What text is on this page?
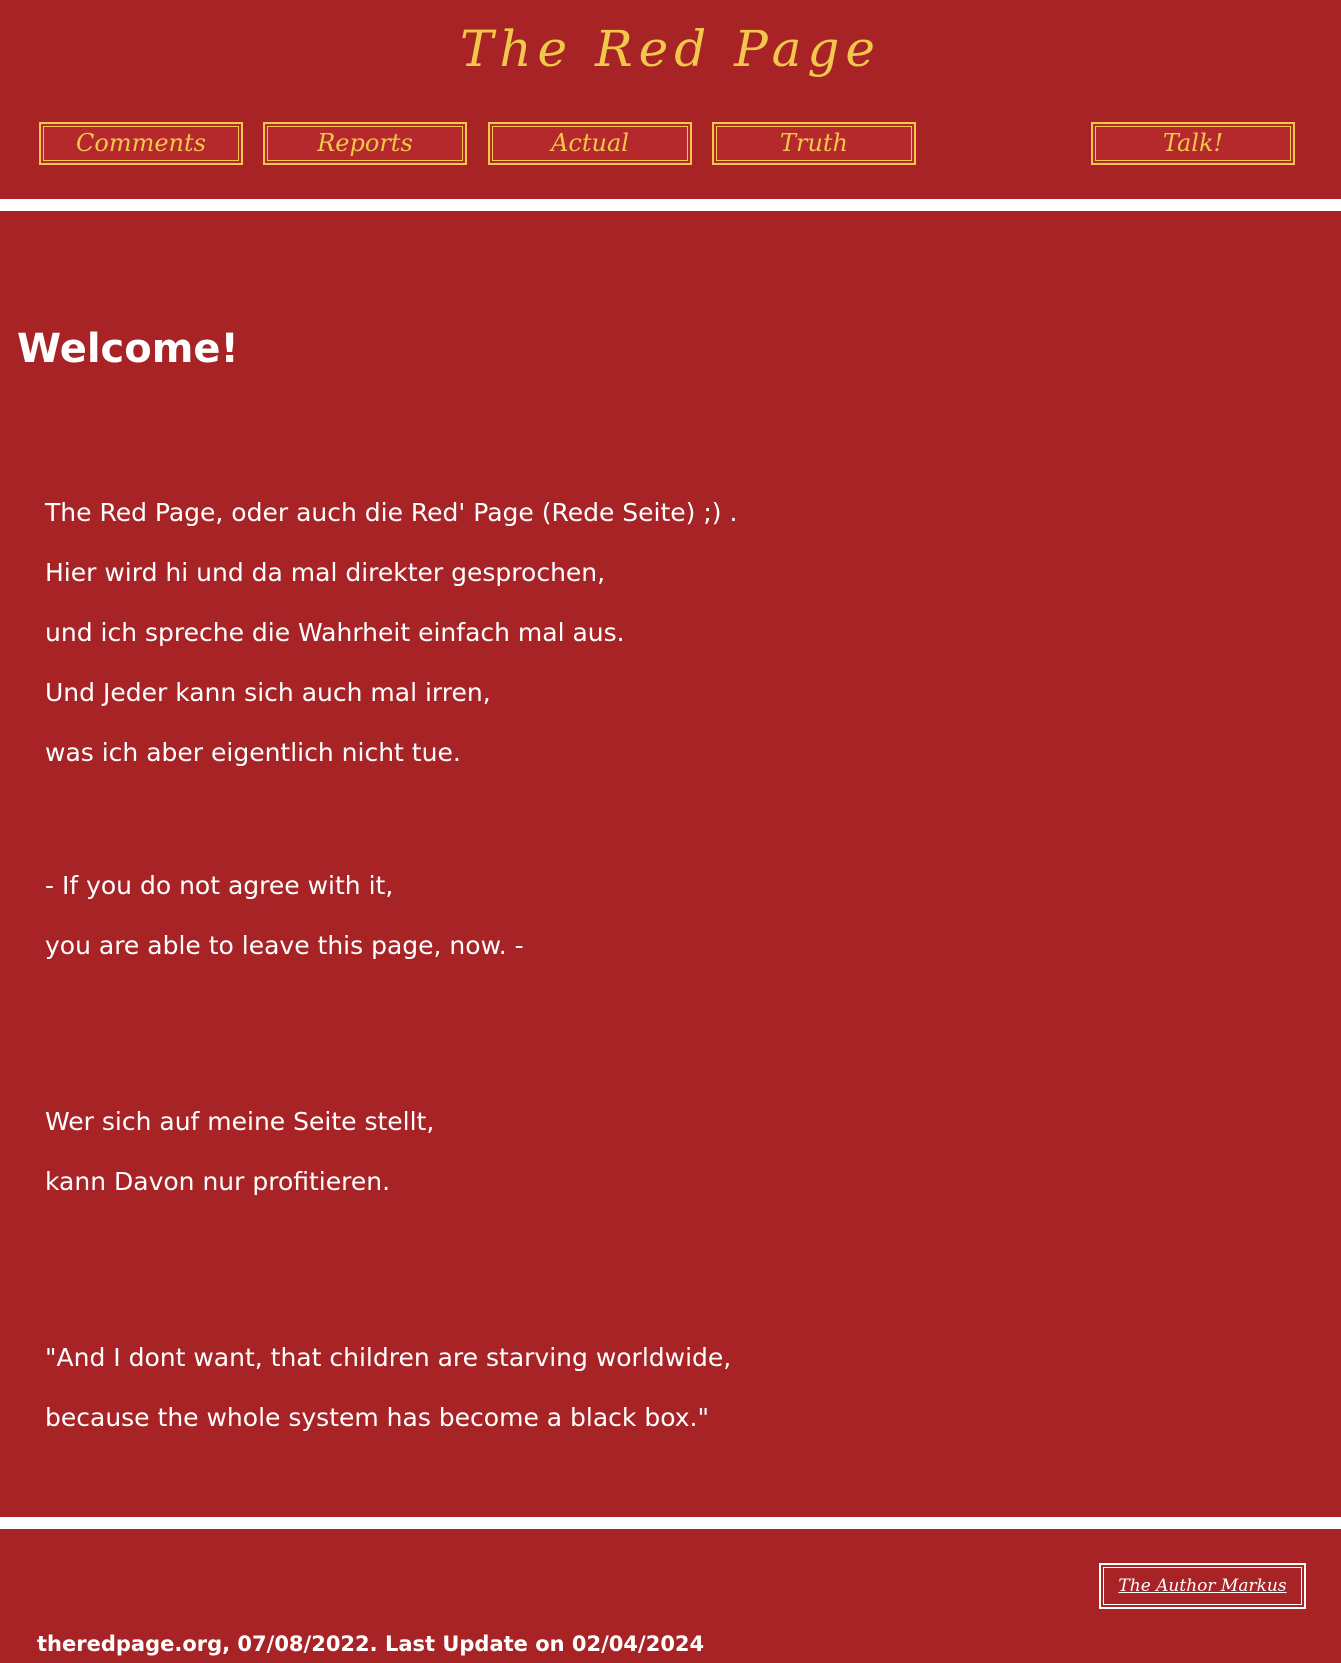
The Red Page
Comments	Reports	Actual	Truth	Talk!
Welcome!
The Red Page, oder auch die Red' Page (Rede Seite) ;) .
Hier wird hi und da mal direkter gesprochen,
und ich spreche die Wahrheit einfach mal aus.
Und Jeder kann sich auch mal irren,
was ich aber eigentlich nicht tue.
- If you do not agree with it,
you are able to leave this page, now. -
Wer sich auf meine Seite stellt,
kann Davon nur profitieren.
"And I dont want, that children are starving worldwide,
because the whole system has become a black box."
The Author Markus

theredpage.org, 07/08/2022. Last Update on 02/04/2024
